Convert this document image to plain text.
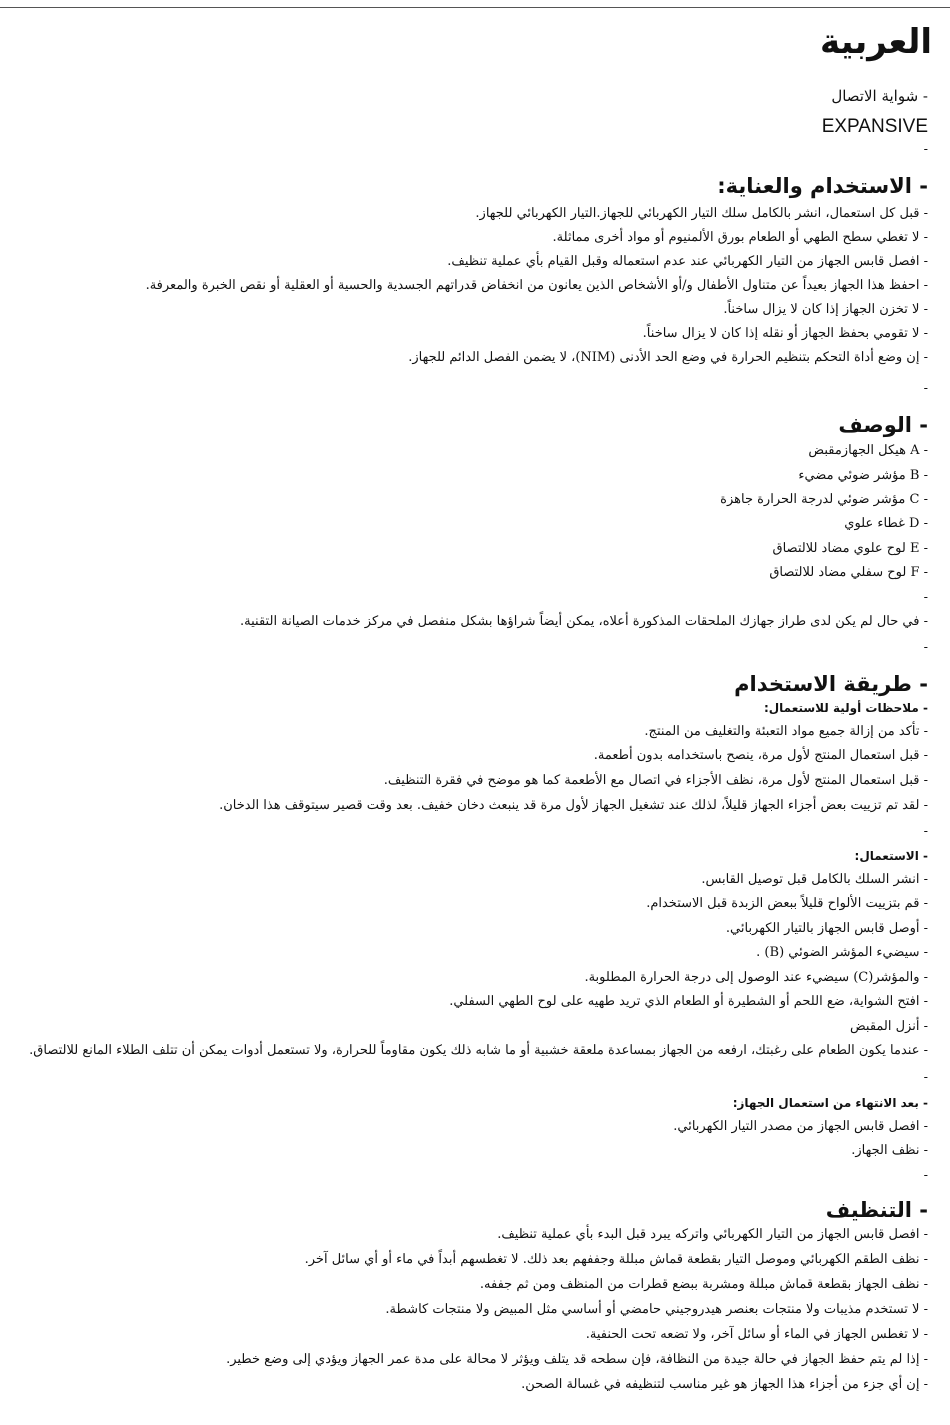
العربية
- شواية الاتصال
EXPANSIVE
-
- الاستخدام والعناية:
- قبل كل استعمال، انشر بالكامل سلك التيار الكهربائي للجهاز.التيار الكهربائي للجهاز.
- لا تغطي سطح الطهي أو الطعام بورق الألمنيوم أو مواد أخرى مماثلة.
- افصل قابس الجهاز من التيار الكهربائي عند عدم استعماله وقبل القيام بأي عملية تنظيف.
- احفظ هذا الجهاز بعيداً عن متناول الأطفال و/أو الأشخاص الذين يعانون من انخفاض قدراتهم الجسدية والحسية أو العقلية أو نقص الخبرة والمعرفة.
- لا تخزن الجهاز إذا كان لا يزال ساخناً.
- لا تقومي بحفظ الجهاز أو نقله إذا كان لا يزال ساخناً.
- إن وضع أداة التحكم بتنظيم الحرارة في وضع الحد الأدنى (NIM)، لا يضمن الفصل الدائم للجهاز.
-
- الوصف
- A هيكل الجهازمقبض
- B مؤشر ضوئي مضيء
- C مؤشر ضوئي لدرجة الحرارة جاهزة
- D غطاء علوي
- E لوح علوي مضاد للالتصاق
- F لوح سفلي مضاد للالتصاق
-
- في حال لم يكن لدى طراز جهازك الملحقات المذكورة أعلاه، يمكن أيضاً شراؤها بشكل منفصل في مركز خدمات الصيانة التقنية.
-
- طريقة الاستخدام
- ملاحظات أولية للاستعمال:
- تأكد من إزالة جميع مواد التعبئة والتغليف من المنتج.
- قبل استعمال المنتج لأول مرة، ينصح باستخدامه بدون أطعمة.
- قبل استعمال المنتج لأول مرة، نظف الأجزاء في اتصال مع الأطعمة كما هو موضح في فقرة التنظيف.
- لقد تم تزييت بعض أجزاء الجهاز قليلاً، لذلك عند تشغيل الجهاز لأول مرة قد ينبعث دخان خفيف. بعد وقت قصير سيتوقف هذا الدخان.
-
- الاستعمال:
- انشر السلك بالكامل قبل توصيل القابس.
- قم بتزييت الألواح قليلاً ببعض الزبدة قبل الاستخدام.
- أوصل قابس الجهاز بالتيار الكهربائي.
- سيضيء المؤشر الضوئي (B) .
- والمؤشر(C) سيضيء عند الوصول إلى درجة الحرارة المطلوبة.
- افتح الشواية، ضع اللحم أو الشطيرة أو الطعام الذي تريد طهيه على لوح الطهي السفلي.
- أنزل المقبض
- عندما يكون الطعام على رغبتك، ارفعه من الجهاز بمساعدة ملعقة خشبية أو ما شابه ذلك يكون مقاوماً للحرارة، ولا تستعمل أدوات يمكن أن تتلف الطلاء المانع للالتصاق.
-
- بعد الانتهاء من استعمال الجهاز:
- افصل قابس الجهاز من مصدر التيار الكهربائي.
- نظف الجهاز.
-
- التنظيف
- افصل قابس الجهاز من التيار الكهربائي واتركه يبرد قبل البدء بأي عملية تنظيف.
- نظف الطقم الكهربائي وموصل التيار بقطعة قماش مبللة وجففهم بعد ذلك. لا تغطسهم أبداً في ماء أو أي سائل آخر.
- نظف الجهاز بقطعة قماش مبللة ومشربة ببضع قطرات من المنظف ومن ثم جففه.
- لا تستخدم مذيبات ولا منتجات بعنصر هيدروجيني حامضي أو أساسي مثل المبيض ولا منتجات كاشطة.
- لا تغطس الجهاز في الماء أو سائل آخر، ولا تضعه تحت الحنفية.
- إذا لم يتم حفظ الجهاز في حالة جيدة من النظافة، فإن سطحه قد يتلف ويؤثر لا محالة على مدة عمر الجهاز ويؤدي إلى وضع خطير.
- إن أي جزء من أجزاء هذا الجهاز هو غير مناسب لتنظيفه في غسالة الصحن.
